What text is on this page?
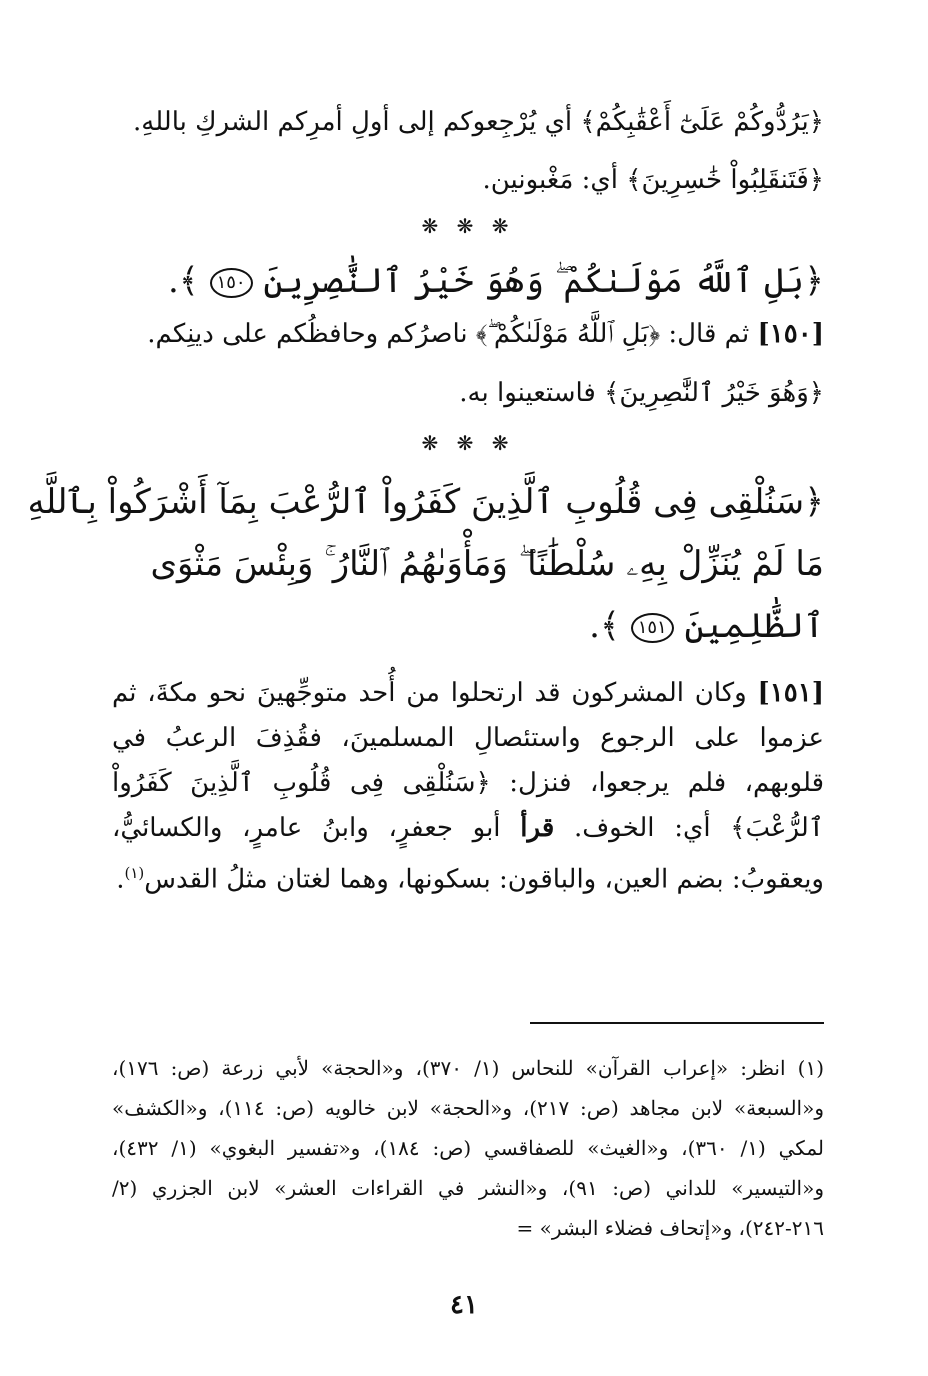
﴿يَرُدُّوكُمْ عَلَىٰٓ أَعْقَٰبِكُمْ﴾ أي يُرْجِعوكم إلى أولِ أمرِكم الشركِ باللهِ.
﴿فَتَنقَلِبُواْ خَٰسِرِينَ﴾ أي: مَغْبونين.
❋ ❋ ❋
﴿بَلِ ٱللَّهُ مَوْلَىٰكُمْ ۖ وَهُوَ خَيْرُ ٱلنَّٰصِرِينَ ١٥٠ ﴾.
[١٥٠] ثم قال: ﴿بَلِ ٱللَّهُ مَوْلَىٰكُمْ ۖ﴾ ناصرُكم وحافظُكم على دينِكم.
﴿وَهُوَ خَيْرُ ٱلنَّٰصِرِينَ﴾ فاستعينوا به.
❋ ❋ ❋
﴿سَنُلْقِى فِى قُلُوبِ ٱلَّذِينَ كَفَرُواْ ٱلرُّعْبَ بِمَآ أَشْرَكُواْ بِٱللَّهِ
مَا لَمْ يُنَزِّلْ بِهِۦ سُلْطَٰنًا ۖ وَمَأْوَىٰهُمُ ٱلنَّارُ ۚ وَبِئْسَ مَثْوَى
ٱلظَّٰلِمِينَ ١٥١ ﴾.
[١٥١] وكان المشركون قد ارتحلوا من أُحد متوجِّهينَ نحو مكةَ، ثم عزموا على الرجوع واستئصالِ المسلمينَ، فقُذِفَ الرعبُ في قلوبهم، فلم يرجعوا، فنزل: ﴿سَنُلْقِى فِى قُلُوبِ ٱلَّذِينَ كَفَرُواْ ٱلرُّعْبَ﴾ أي: الخوف. قرأ أبو جعفرٍ، وابنُ عامرٍ، والكسائيُّ، ويعقوبُ: بضم العين، والباقون: بسكونها، وهما لغتان مثلُ القدس$^{(١)}$.
(١) انظر: «إعراب القرآن» للنحاس (١/ ٣٧٠)، و«الحجة» لأبي زرعة (ص: ١٧٦)، و«السبعة» لابن مجاهد (ص: ٢١٧)، و«الحجة» لابن خالويه (ص: ١١٤)، و«الكشف» لمكي (١/ ٣٦٠)، و«الغيث» للصفاقسي (ص: ١٨٤)، و«تفسير البغوي» (١/ ٤٣٢)، و«التيسير» للداني (ص: ٩١)، و«النشر في القراءات العشر» لابن الجزري (٢/ ٢١٦-٢٤٢)، و«إتحاف فضلاء البشر» =
٤١
